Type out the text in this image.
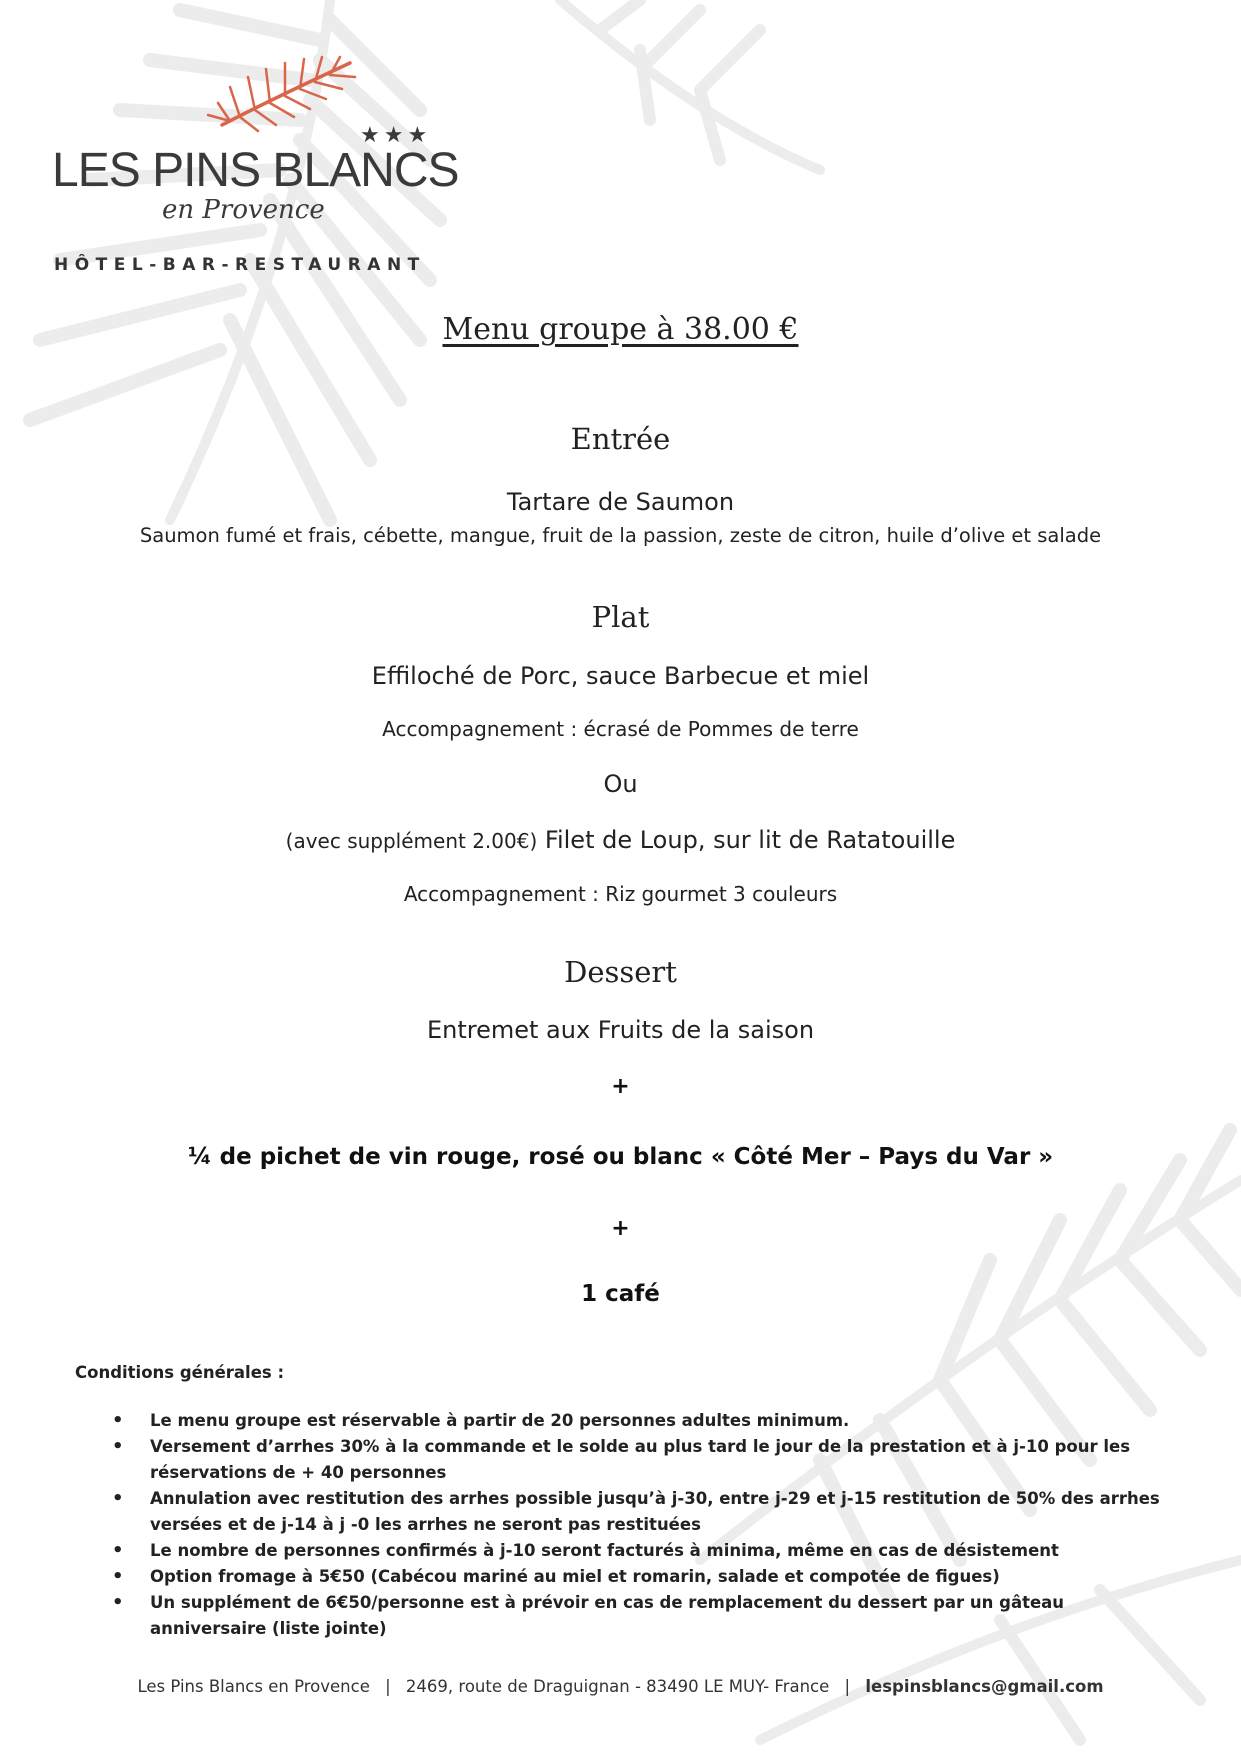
★★★
LES PINS BLANCS
en Provence
HÔTEL-BAR-RESTAURANT
Menu groupe à 38.00 €
Entrée
Tartare de Saumon
Saumon fumé et frais, cébette, mangue, fruit de la passion, zeste de citron, huile d’olive et salade
Plat
Effiloché de Porc, sauce Barbecue et miel
Accompagnement : écrasé de Pommes de terre
Ou
(avec supplément 2.00€) Filet de Loup, sur lit de Ratatouille
Accompagnement : Riz gourmet 3 couleurs
Dessert
Entremet aux Fruits de la saison
+
¼ de pichet de vin rouge, rosé ou blanc « Côté Mer – Pays du Var »
+
1 café
Conditions générales :
• Le menu groupe est réservable à partir de 20 personnes adultes minimum.
• Versement d’arrhes 30% à la commande et le solde au plus tard le jour de la prestation et à j-10 pour les réservations de + 40 personnes
• Annulation avec restitution des arrhes possible jusqu’à j-30, entre j-29 et j-15 restitution de 50% des arrhes versées et de j-14 à j -0 les arrhes ne seront pas restituées
• Le nombre de personnes confirmés à j-10 seront facturés à minima, même en cas de désistement
• Option fromage à 5€50 (Cabécou mariné au miel et romarin, salade et compotée de figues)
• Un supplément de 6€50/personne est à prévoir en cas de remplacement du dessert par un gâteau anniversaire (liste jointe)
Les Pins Blancs en Provence | 2469, route de Draguignan - 83490 LE MUY- France | lespinsblancs@gmail.com
